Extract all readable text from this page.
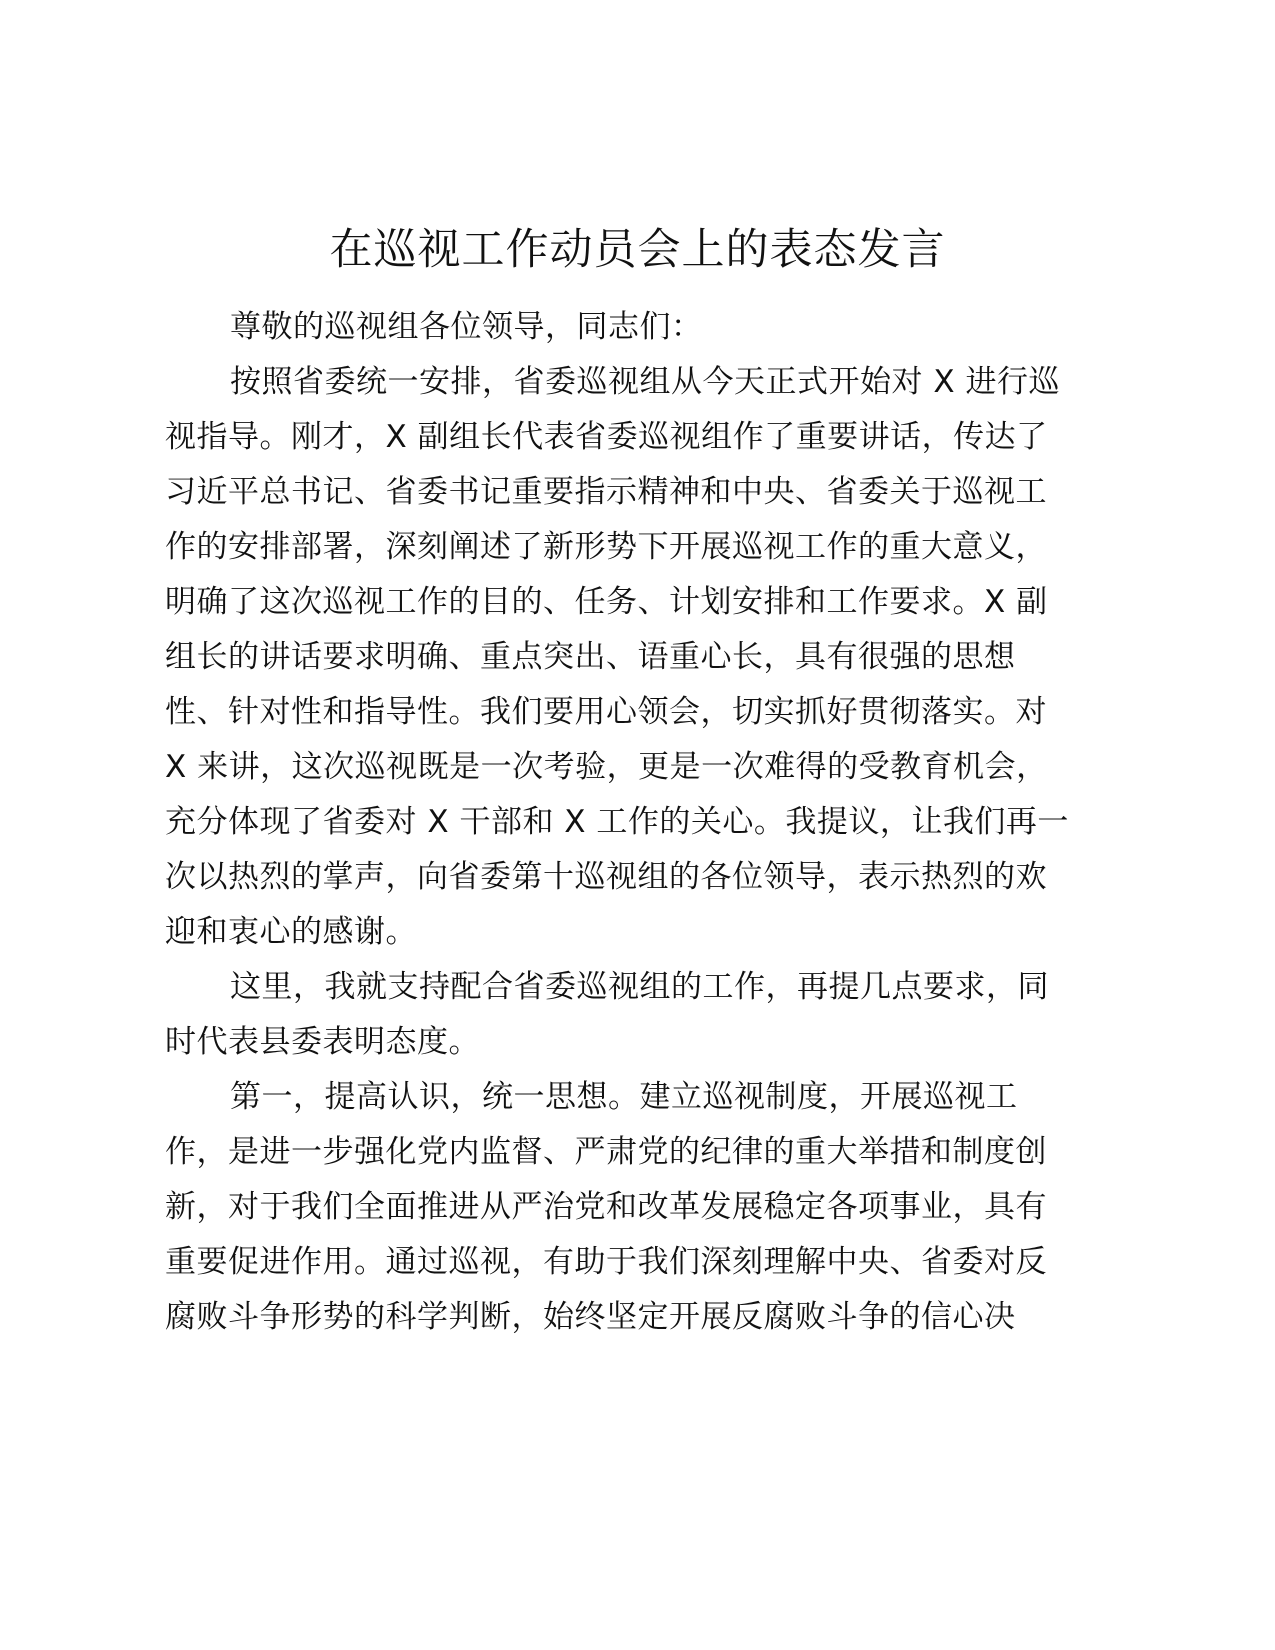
在巡视工作动员会上的表态发言
尊敬的巡视组各位领导，同志们：
按照省委统一安排，省委巡视组从今天正式开始对 X 进行巡
视指导。刚才，X 副组长代表省委巡视组作了重要讲话，传达了
习近平总书记、省委书记重要指示精神和中央、省委关于巡视工
作的安排部署，深刻阐述了新形势下开展巡视工作的重大意义，
明确了这次巡视工作的目的、任务、计划安排和工作要求。X 副
组长的讲话要求明确、重点突出、语重心长，具有很强的思想
性、针对性和指导性。我们要用心领会，切实抓好贯彻落实。对
X 来讲，这次巡视既是一次考验，更是一次难得的受教育机会，
充分体现了省委对 X 干部和 X 工作的关心。我提议，让我们再一
次以热烈的掌声，向省委第十巡视组的各位领导，表示热烈的欢
迎和衷心的感谢。
这里，我就支持配合省委巡视组的工作，再提几点要求，同
时代表县委表明态度。
第一，提高认识，统一思想。建立巡视制度，开展巡视工
作，是进一步强化党内监督、严肃党的纪律的重大举措和制度创
新，对于我们全面推进从严治党和改革发展稳定各项事业，具有
重要促进作用。通过巡视，有助于我们深刻理解中央、省委对反
腐败斗争形势的科学判断，始终坚定开展反腐败斗争的信心决
